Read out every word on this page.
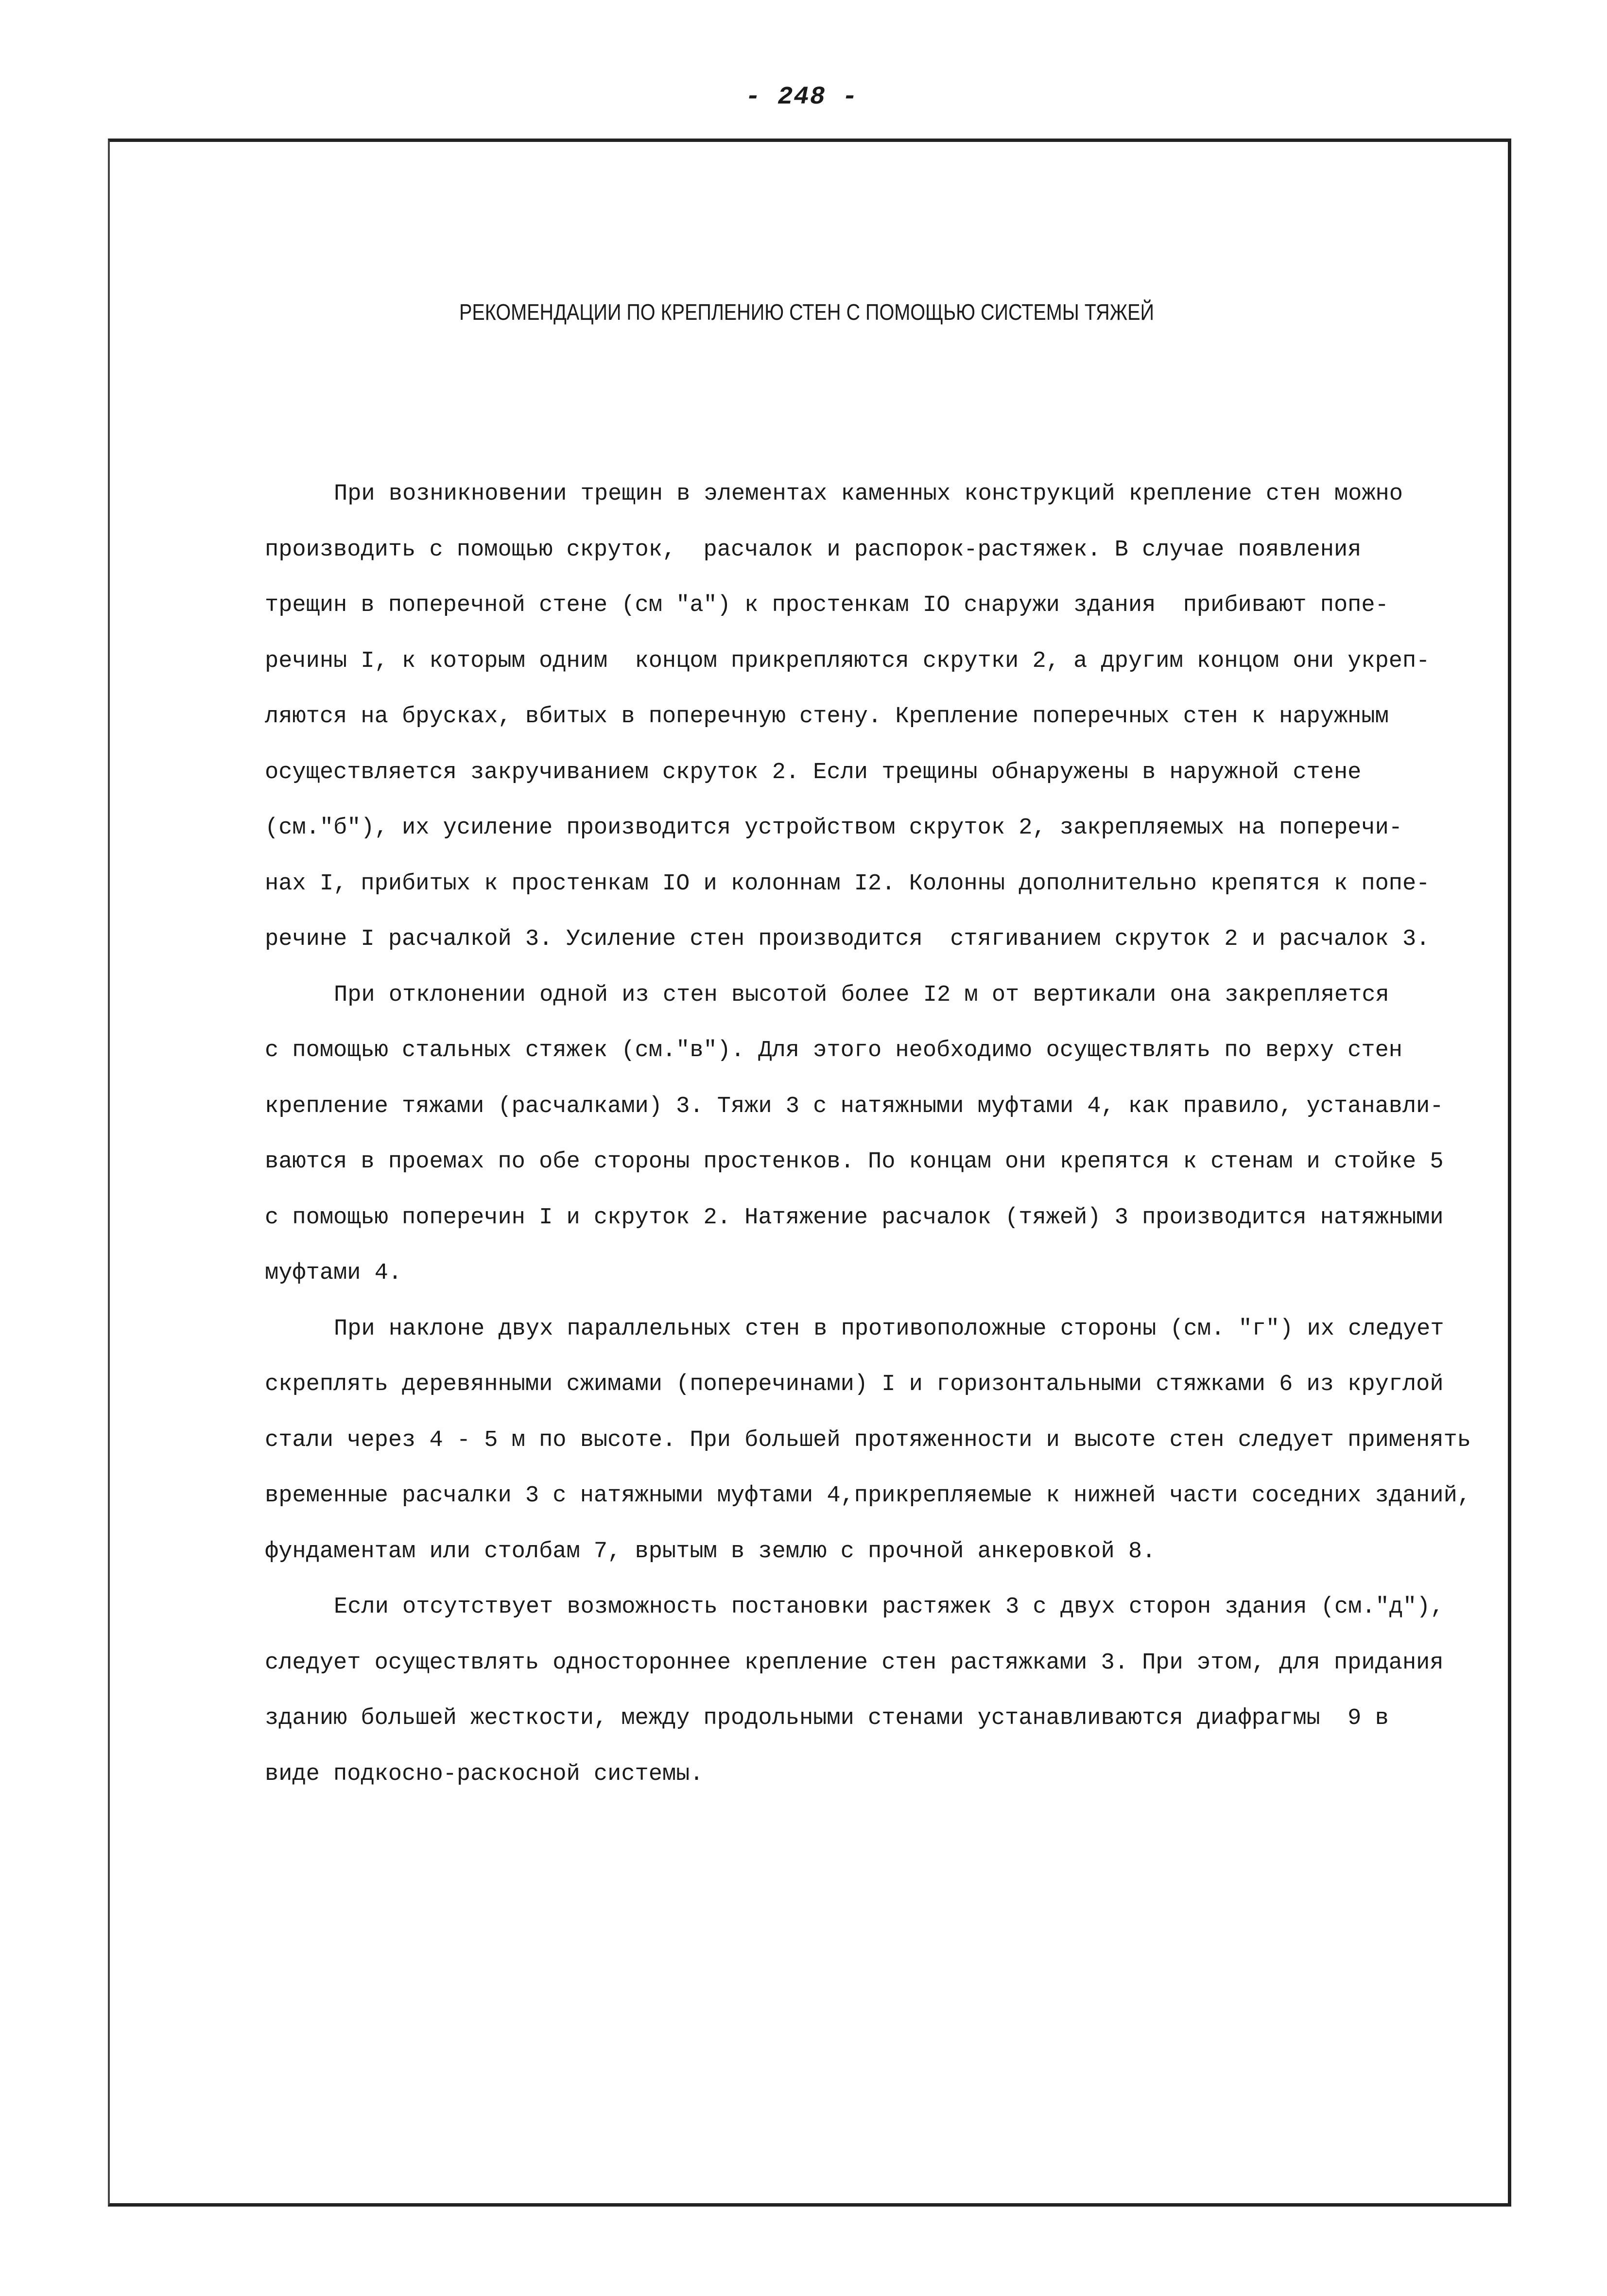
- 248 -
РЕКОМЕНДАЦИИ ПО КРЕПЛЕНИЮ СТЕН С ПОМОЩЬЮ СИСТЕМЫ ТЯЖЕЙ
При возникновении трещин в элементах каменных конструкций крепление стен можно
производить с помощью скруток,  расчалок и распорок-растяжек. В случае появления
трещин в поперечной стене (см "а") к простенкам IO снаружи здания  прибивают попе-
речины I, к которым одним  концом прикрепляются скрутки 2, а другим концом они укреп-
ляются на брусках, вбитых в поперечную стену. Крепление поперечных стен к наружным
осуществляется закручиванием скруток 2. Если трещины обнаружены в наружной стене
(см."б"), их усиление производится устройством скруток 2, закрепляемых на поперечи-
нах I, прибитых к простенкам IO и колоннам I2. Колонны дополнительно крепятся к попе-
речине I расчалкой 3. Усиление стен производится  стягиванием скруток 2 и расчалок 3.
При отклонении одной из стен высотой более I2 м от вертикали она закрепляется
с помощью стальных стяжек (см."в"). Для этого необходимо осуществлять по верху стен
крепление тяжами (расчалками) 3. Тяжи 3 с натяжными муфтами 4, как правило, устанавли-
ваются в проемах по обе стороны простенков. По концам они крепятся к стенам и стойке 5
с помощью поперечин I и скруток 2. Натяжение расчалок (тяжей) 3 производится натяжными
муфтами 4.
При наклоне двух параллельных стен в противоположные стороны (см. "г") их следует
скреплять деревянными сжимами (поперечинами) I и горизонтальными стяжками 6 из круглой
стали через 4 - 5 м по высоте. При большей протяженности и высоте стен следует применять
временные расчалки 3 с натяжными муфтами 4,прикрепляемые к нижней части соседних зданий,
фундаментам или столбам 7, врытым в землю с прочной анкеровкой 8.
Если отсутствует возможность постановки растяжек 3 с двух сторон здания (см."д"),
следует осуществлять одностороннее крепление стен растяжками 3. При этом, для придания
зданию большей жесткости, между продольными стенами устанавливаются диафрагмы  9 в
виде подкосно-раскосной системы.
